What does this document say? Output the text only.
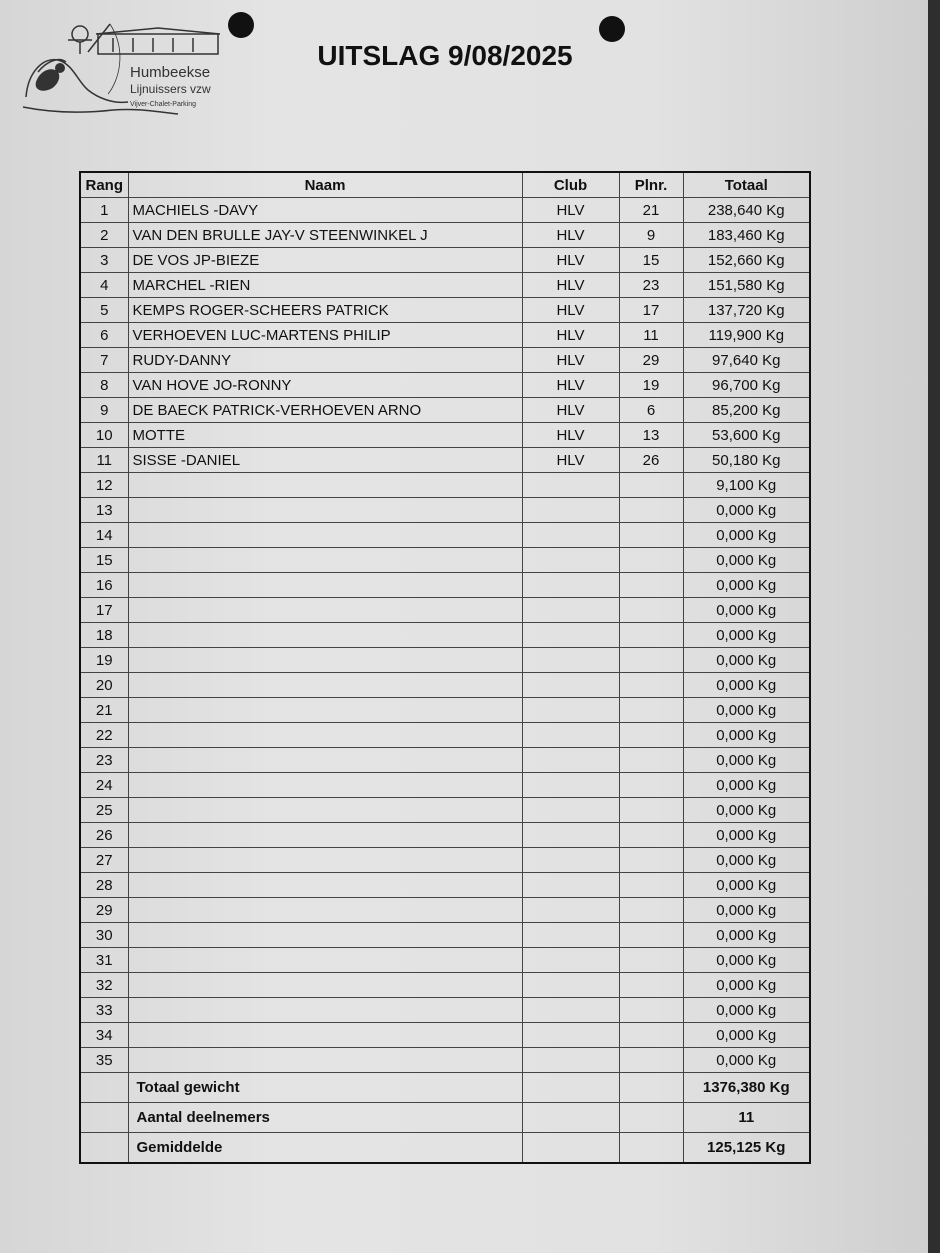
Humbeekse
Lijnuissers vzw
Vijver-Chalet-Parking
UITSLAG 9/08/2025
Rang	Naam	Club	Plnr.	Totaal
1	MACHIELS -DAVY	HLV	21	238,640 Kg
2	VAN DEN BRULLE JAY-V STEENWINKEL J	HLV	9	183,460 Kg
3	DE VOS JP-BIEZE	HLV	15	152,660 Kg
4	MARCHEL -RIEN	HLV	23	151,580 Kg
5	KEMPS ROGER-SCHEERS PATRICK	HLV	17	137,720 Kg
6	VERHOEVEN LUC-MARTENS PHILIP	HLV	11	119,900 Kg
7	RUDY-DANNY	HLV	29	97,640 Kg
8	VAN HOVE JO-RONNY	HLV	19	96,700 Kg
9	DE BAECK PATRICK-VERHOEVEN ARNO	HLV	6	85,200 Kg
10	MOTTE	HLV	13	53,600 Kg
11	SISSE -DANIEL	HLV	26	50,180 Kg
12				9,100 Kg
13				0,000 Kg
14				0,000 Kg
15				0,000 Kg
16				0,000 Kg
17				0,000 Kg
18				0,000 Kg
19				0,000 Kg
20				0,000 Kg
21				0,000 Kg
22				0,000 Kg
23				0,000 Kg
24				0,000 Kg
25				0,000 Kg
26				0,000 Kg
27				0,000 Kg
28				0,000 Kg
29				0,000 Kg
30				0,000 Kg
31				0,000 Kg
32				0,000 Kg
33				0,000 Kg
34				0,000 Kg
35				0,000 Kg
	Totaal gewicht			1376,380 Kg
	Aantal deelnemers			11
	Gemiddelde			125,125 Kg
